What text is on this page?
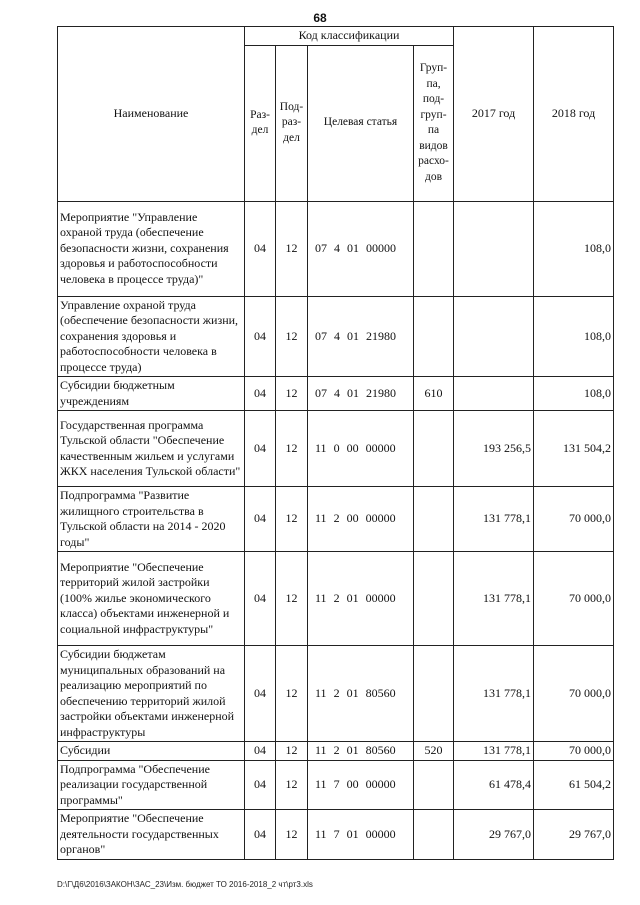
68
Наименование	Код классификации				2017 год	2018 год
	Раз-дел	Под-раз-дел	Целевая статья	Груп-па, под-груп-па видов расхо-дов		
Мероприятие "Управление охраной труда (обеспечение безопасности жизни, сохранения здоровья и работоспособности человека в процессе труда)"	04	12	07 4 01 00000			108,0
Управление охраной труда (обеспечение безопасности жизни, сохранения здоровья и работоспособности человека в процессе труда)	04	12	07 4 01 21980			108,0
Субсидии бюджетным учреждениям	04	12	07 4 01 21980	610		108,0
Государственная программа Тульской области "Обеспечение качественным жильем и услугами ЖКХ населения Тульской области"	04	12	11 0 00 00000		193 256,5	131 504,2
Подпрограмма "Развитие жилищного строительства в Тульской области на 2014 - 2020 годы"	04	12	11 2 00 00000		131 778,1	70 000,0
Мероприятие "Обеспечение территорий жилой застройки (100% жилье экономического класса) объектами инженерной и социальной инфраструктуры"	04	12	11 2 01 00000		131 778,1	70 000,0
Субсидии бюджетам муниципальных образований на реализацию мероприятий по обеспечению территорий жилой застройки объектами инженерной инфраструктуры	04	12	11 2 01 80560		131 778,1	70 000,0
Субсидии	04	12	11 2 01 80560	520	131 778,1	70 000,0
Подпрограмма "Обеспечение реализации государственной программы"	04	12	11 7 00 00000		61 478,4	61 504,2
Мероприятие "Обеспечение деятельности государственных органов"	04	12	11 7 01 00000		29 767,0	29 767,0
D:\Г\Д6\2016\ЗАКОН\ЗАС_23\Изм. бюджет ТО 2016-2018_2 чт\рт3.xls
